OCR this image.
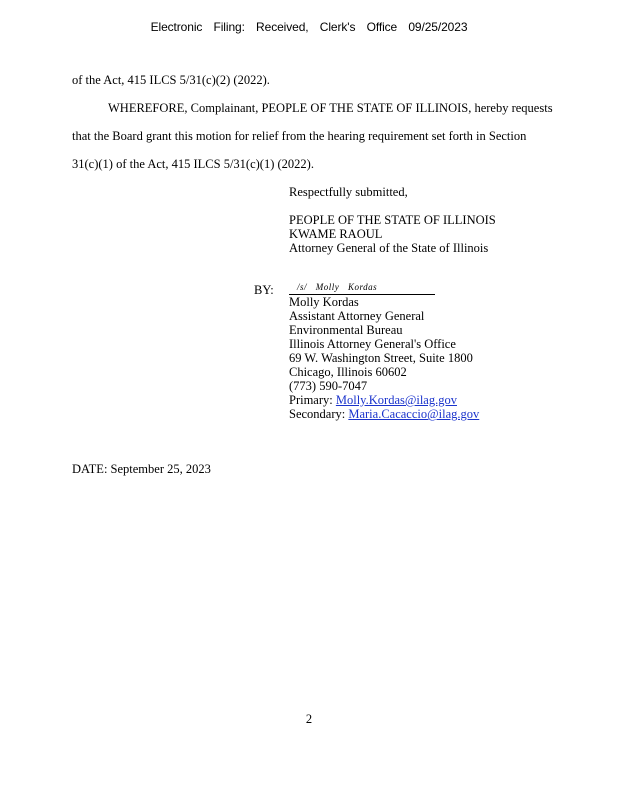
Electronic Filing: Received, Clerk's Office 09/25/2023
of the Act, 415 ILCS 5/31(c)(2) (2022).
WHEREFORE, Complainant, PEOPLE OF THE STATE OF ILLINOIS, hereby requests
that the Board grant this motion for relief from the hearing requirement set forth in Section
31(c)(1) of the Act, 415 ILCS 5/31(c)(1) (2022).
Respectfully submitted,
PEOPLE OF THE STATE OF ILLINOIS
KWAME RAOUL
Attorney General of the State of Illinois
BY:	/s/ Molly Kordas
Molly Kordas
Assistant Attorney General
Environmental Bureau
Illinois Attorney General's Office
69 W. Washington Street, Suite 1800
Chicago, Illinois 60602
(773) 590-7047
Primary: Molly.Kordas@ilag.gov
Secondary: Maria.Cacaccio@ilag.gov
DATE: September 25, 2023
2
